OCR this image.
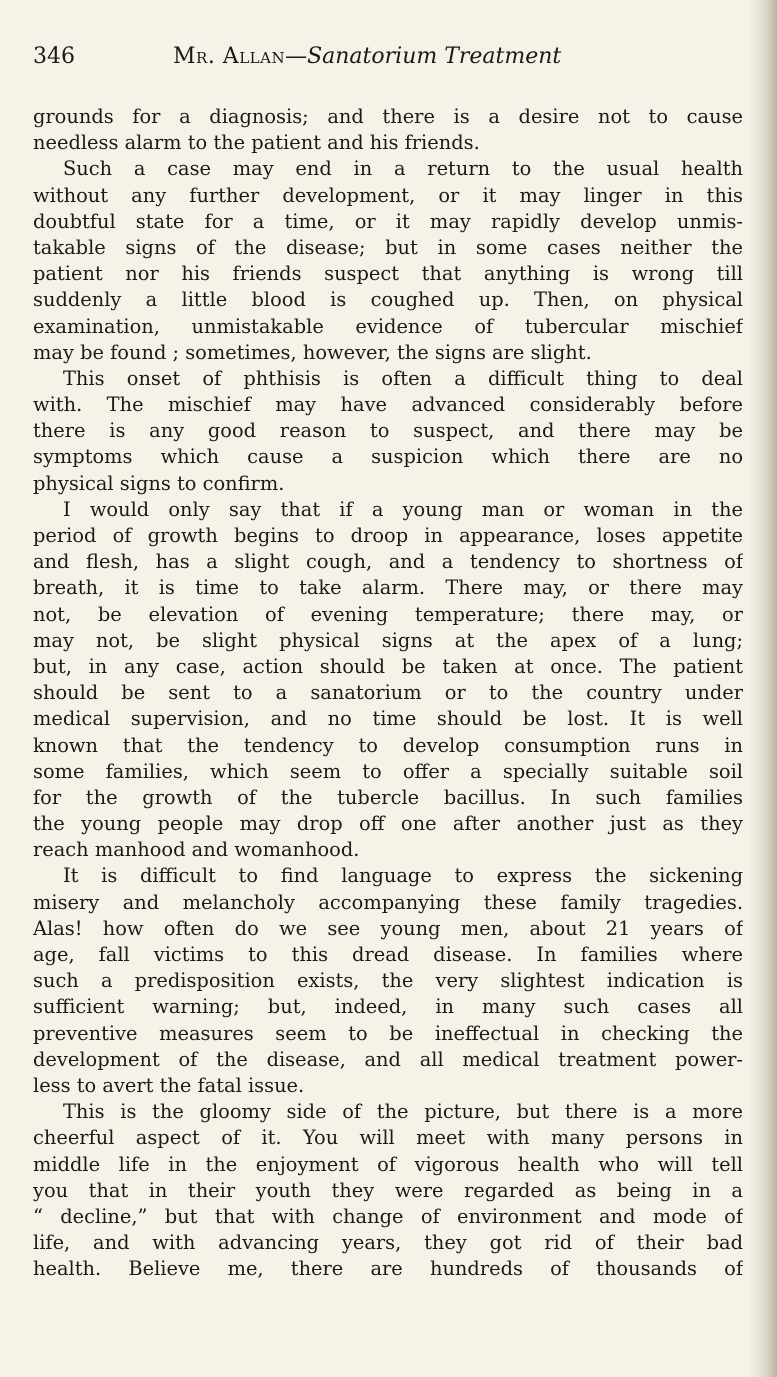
346	Mr. Allan—Sanatorium Treatment
grounds for a diagnosis; and there is a desire not to cause
needless alarm to the patient and his friends.
Such a case may end in a return to the usual health
without any further development, or it may linger in this
doubtful state for a time, or it may rapidly develop unmis-
takable signs of the disease; but in some cases neither the
patient nor his friends suspect that anything is wrong till
suddenly a little blood is coughed up. Then, on physical
examination, unmistakable evidence of tubercular mischief
may be found ; sometimes, however, the signs are slight.
This onset of phthisis is often a difficult thing to deal
with. The mischief may have advanced considerably before
there is any good reason to suspect, and there may be
symptoms which cause a suspicion which there are no
physical signs to confirm.
I would only say that if a young man or woman in the
period of growth begins to droop in appearance, loses appetite
and flesh, has a slight cough, and a tendency to shortness of
breath, it is time to take alarm. There may, or there may
not, be elevation of evening temperature; there may, or
may not, be slight physical signs at the apex of a lung;
but, in any case, action should be taken at once. The patient
should be sent to a sanatorium or to the country under
medical supervision, and no time should be lost. It is well
known that the tendency to develop consumption runs in
some families, which seem to offer a specially suitable soil
for the growth of the tubercle bacillus. In such families
the young people may drop off one after another just as they
reach manhood and womanhood.
It is difficult to find language to express the sickening
misery and melancholy accompanying these family tragedies.
Alas! how often do we see young men, about 21 years of
age, fall victims to this dread disease. In families where
such a predisposition exists, the very slightest indication is
sufficient warning; but, indeed, in many such cases all
preventive measures seem to be ineffectual in checking the
development of the disease, and all medical treatment power-
less to avert the fatal issue.
This is the gloomy side of the picture, but there is a more
cheerful aspect of it. You will meet with many persons in
middle life in the enjoyment of vigorous health who will tell
you that in their youth they were regarded as being in a
“ decline,” but that with change of environment and mode of
life, and with advancing years, they got rid of their bad
health. Believe me, there are hundreds of thousands of
